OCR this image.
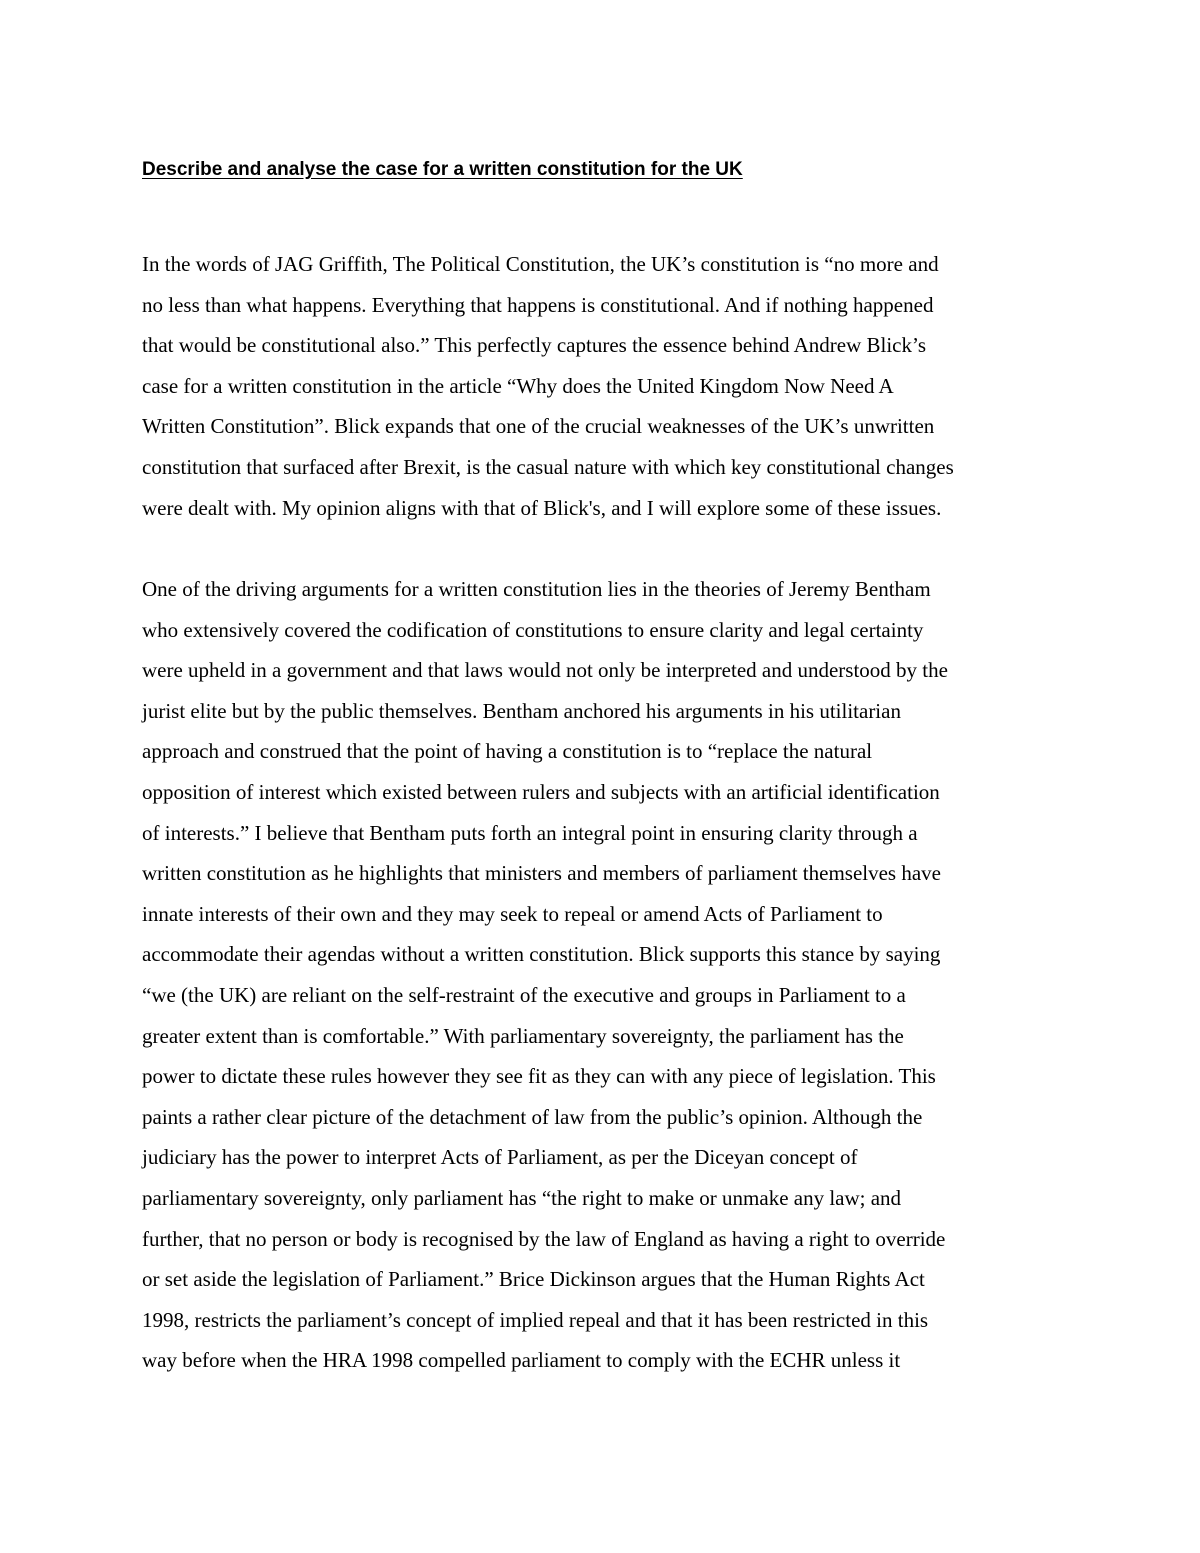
Describe and analyse the case for a written constitution for the UK
In the words of JAG Griffith, The Political Constitution, the UK’s constitution is “no more and
no less than what happens. Everything that happens is constitutional. And if nothing happened
that would be constitutional also.” This perfectly captures the essence behind Andrew Blick’s
case for a written constitution in the article “Why does the United Kingdom Now Need A
Written Constitution”. Blick expands that one of the crucial weaknesses of the UK’s unwritten
constitution that surfaced after Brexit, is the casual nature with which key constitutional changes
were dealt with. My opinion aligns with that of Blick's, and I will explore some of these issues.
One of the driving arguments for a written constitution lies in the theories of Jeremy Bentham
who extensively covered the codification of constitutions to ensure clarity and legal certainty
were upheld in a government and that laws would not only be interpreted and understood by the
jurist elite but by the public themselves. Bentham anchored his arguments in his utilitarian
approach and construed that the point of having a constitution is to “replace the natural
opposition of interest which existed between rulers and subjects with an artificial identification
of interests.” I believe that Bentham puts forth an integral point in ensuring clarity through a
written constitution as he highlights that ministers and members of parliament themselves have
innate interests of their own and they may seek to repeal or amend Acts of Parliament to
accommodate their agendas without a written constitution. Blick supports this stance by saying
“we (the UK) are reliant on the self-restraint of the executive and groups in Parliament to a
greater extent than is comfortable.” With parliamentary sovereignty, the parliament has the
power to dictate these rules however they see fit as they can with any piece of legislation. This
paints a rather clear picture of the detachment of law from the public’s opinion. Although the
judiciary has the power to interpret Acts of Parliament, as per the Diceyan concept of
parliamentary sovereignty, only parliament has “the right to make or unmake any law; and
further, that no person or body is recognised by the law of England as having a right to override
or set aside the legislation of Parliament.” Brice Dickinson argues that the Human Rights Act
1998, restricts the parliament’s concept of implied repeal and that it has been restricted in this
way before when the HRA 1998 compelled parliament to comply with the ECHR unless it
